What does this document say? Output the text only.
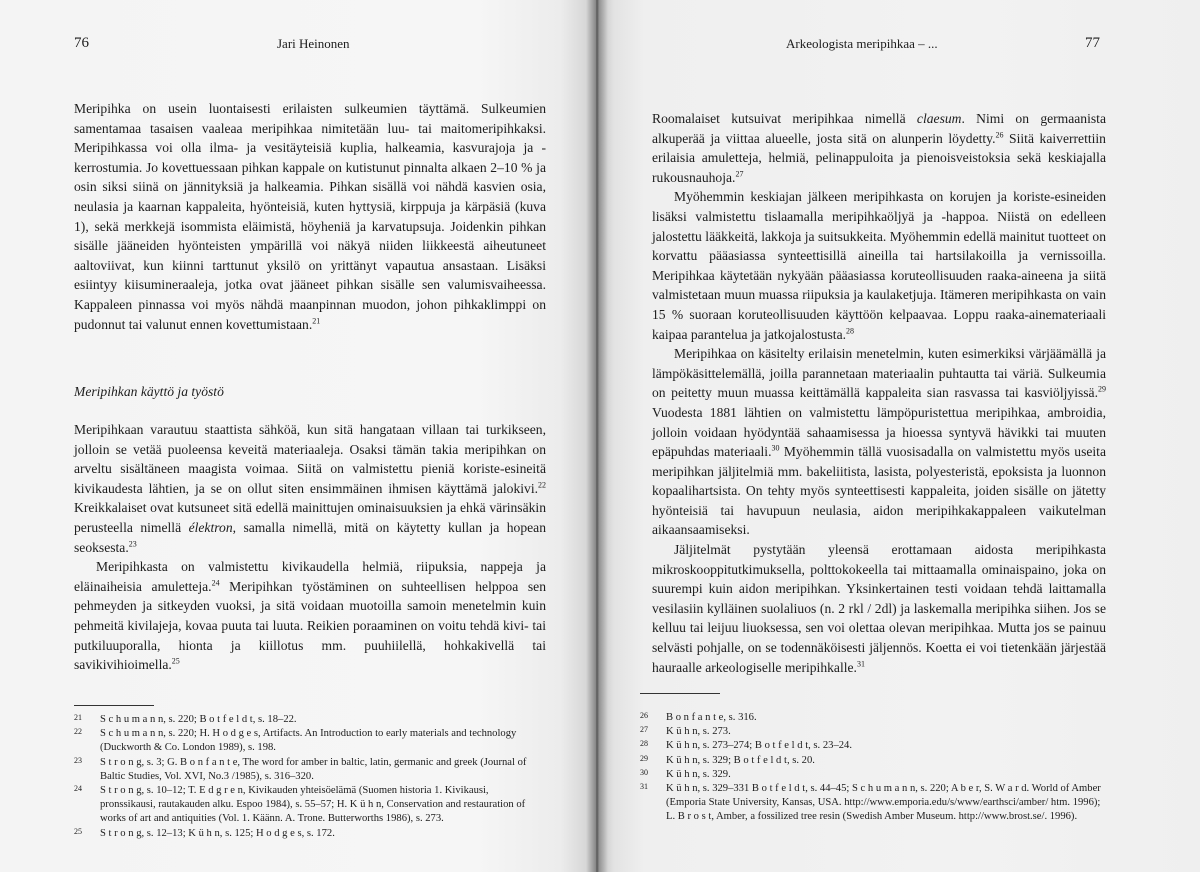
76	Jari Heinonen

Meripihka on usein luontaisesti erilaisten sulkeumien täyttämä. Sulkeumien samentamaa tasaisen vaaleaa meripihkaa nimitetään luu- tai maitomeripihkaksi. Meripihkassa voi olla ilma- ja vesitäyteisiä kuplia, halkeamia, kasvurajoja ja -kerrostumia. Jo kovettuessaan pihkan kappale on kutistunut pinnalta alkaen 2–10 % ja osin siksi siinä on jännityksiä ja halkeamia. Pihkan sisällä voi nähdä kasvien osia, neulasia ja kaarnan kappaleita, hyönteisiä, kuten hyttysiä, kirppuja ja kärpäsiä (kuva 1), sekä merkkejä isommista eläimistä, höyheniä ja karvatupsuja. Joidenkin pihkan sisälle jääneiden hyönteisten ympärillä voi näkyä niiden liikkeestä aiheutuneet aaltoviivat, kun kiinni tarttunut yksilö on yrittänyt vapautua ansastaan. Lisäksi esiintyy kiisumineraaleja, jotka ovat jääneet pihkan sisälle sen valumisvaiheessa. Kappaleen pinnassa voi myös nähdä maanpinnan muodon, johon pihkaklimppi on pudonnut tai valunut ennen kovettumistaan.$^{21}$

Meripihkan käyttö ja työstö

Meripihkaan varautuu staattista sähköä, kun sitä hangataan villaan tai turkikseen, jolloin se vetää puoleensa keveitä materiaaleja. Osaksi tämän takia meripihkan on arveltu sisältäneen maagista voimaa. Siitä on valmistettu pieniä koriste-esineitä kivikaudesta lähtien, ja se on ollut siten ensimmäinen ihmisen käyttämä jalokivi.$^{22}$ Kreikkalaiset ovat kutsuneet sitä edellä mainittujen ominaisuuksien ja ehkä värinsäkin perusteella nimellä élektron, samalla nimellä, mitä on käytetty kullan ja hopean seoksesta.$^{23}$

Meripihkasta on valmistettu kivikaudella helmiä, riipuksia, nappeja ja eläinaiheisia amuletteja.$^{24}$ Meripihkan työstäminen on suhteellisen helppoa sen pehmeyden ja sitkeyden vuoksi, ja sitä voidaan muotoilla samoin menetelmin kuin pehmeitä kivilajeja, kovaa puuta tai luuta. Reikien poraaminen on voitu tehdä kivi- tai putkiluuporalla, hionta ja kiillotus mm. puuhiilellä, hohkakivellä tai savikivihioimella.$^{25}$

21 S c h u m a n n, s. 220; B o t f e l d t, s. 18–22.
22 S c h u m a n n, s. 220; H. H o d g e s, Artifacts. An Introduction to early materials and technology (Duckworth & Co. London 1989), s. 198.
23 S t r o n g, s. 3; G. B o n f a n t e, The word for amber in baltic, latin, germanic and greek (Journal of Baltic Studies, Vol. XVI, No.3 /1985), s. 316–320.
24 S t r o n g, s. 10–12; T. E d g r e n, Kivikauden yhteisöelämä (Suomen historia 1. Kivikausi, pronssikausi, rautakauden alku. Espoo 1984), s. 55–57; H. K ü h n, Conservation and restauration of works of art and antiquities (Vol. 1. Käänn. A. Trone. Butterworths 1986), s. 273.
25 S t r o n g, s. 12–13; K ü h n, s. 125; H o d g e s, s. 172.
Arkeologista meripihkaa – ...	77

Roomalaiset kutsuivat meripihkaa nimellä claesum. Nimi on germaanista alkuperää ja viittaa alueelle, josta sitä on alunperin löydetty.$^{26}$ Siitä kaiverrettiin erilaisia amuletteja, helmiä, pelinappuloita ja pienoisveistoksia sekä keskiajalla rukousnauhoja.$^{27}$

Myöhemmin keskiajan jälkeen meripihkasta on korujen ja koriste-esineiden lisäksi valmistettu tislaamalla meripihkaöljyä ja -happoa. Niistä on edelleen jalostettu lääkkeitä, lakkoja ja suitsukkeita. Myöhemmin edellä mainitut tuotteet on korvattu pääasiassa synteettisillä aineilla tai hartsilakoilla ja vernissoilla. Meripihkaa käytetään nykyään pääasiassa koruteollisuuden raaka-aineena ja siitä valmistetaan muun muassa riipuksia ja kaulaketjuja. Itämeren meripihkasta on vain 15 % suoraan koruteollisuuden käyttöön kelpaavaa. Loppu raaka-ainemateriaali kaipaa parantelua ja jatkojalostusta.$^{28}$

Meripihkaa on käsitelty erilaisin menetelmin, kuten esimerkiksi värjäämällä ja lämpökäsittelemällä, joilla parannetaan materiaalin puhtautta tai väriä. Sulkeumia on peitetty muun muassa keittämällä kappaleita sian rasvassa tai kasviöljyissä.$^{29}$ Vuodesta 1881 lähtien on valmistettu lämpöpuristettua meripihkaa, ambroidia, jolloin voidaan hyödyntää sahaamisessa ja hioessa syntyvä hävikki tai muuten epäpuhdas materiaali.$^{30}$ Myöhemmin tällä vuosisadalla on valmistettu myös useita meripihkan jäljitelmiä mm. bakeliitista, lasista, polyesteristä, epoksista ja luonnon kopaalihartsista. On tehty myös synteettisesti kappaleita, joiden sisälle on jätetty hyönteisiä tai havupuun neulasia, aidon meripihkakappaleen vaikutelman aikaansaamiseksi.

Jäljitelmät pystytään yleensä erottamaan aidosta meripihkasta mikroskooppitutkimuksella, polttokokeella tai mittaamalla ominaispaino, joka on suurempi kuin aidon meripihkan. Yksinkertainen testi voidaan tehdä laittamalla vesilasiin kylläinen suolaliuos (n. 2 rkl / 2dl) ja laskemalla meripihka siihen. Jos se kelluu tai leijuu liuoksessa, sen voi olettaa olevan meripihkaa. Mutta jos se painuu selvästi pohjalle, on se todennäköisesti jäljennös. Koetta ei voi tietenkään järjestää hauraalle arkeologiselle meripihkalle.$^{31}$

26 B o n f a n t e, s. 316.
27 K ü h n, s. 273.
28 K ü h n, s. 273–274; B o t f e l d t, s. 23–24.
29 K ü h n, s. 329; B o t f e l d t, s. 20.
30 K ü h n, s. 329.
31 K ü h n, s. 329–331 B o t f e l d t, s. 44–45; S c h u m a n n, s. 220; A b e r, S. W a r d. World of Amber (Emporia State University, Kansas, USA. http://www.emporia.edu/s/www/earthsci/amber/ htm. 1996); L. B r o s t, Amber, a fossilized tree resin (Swedish Amber Museum. http://www.brost.se/. 1996).
